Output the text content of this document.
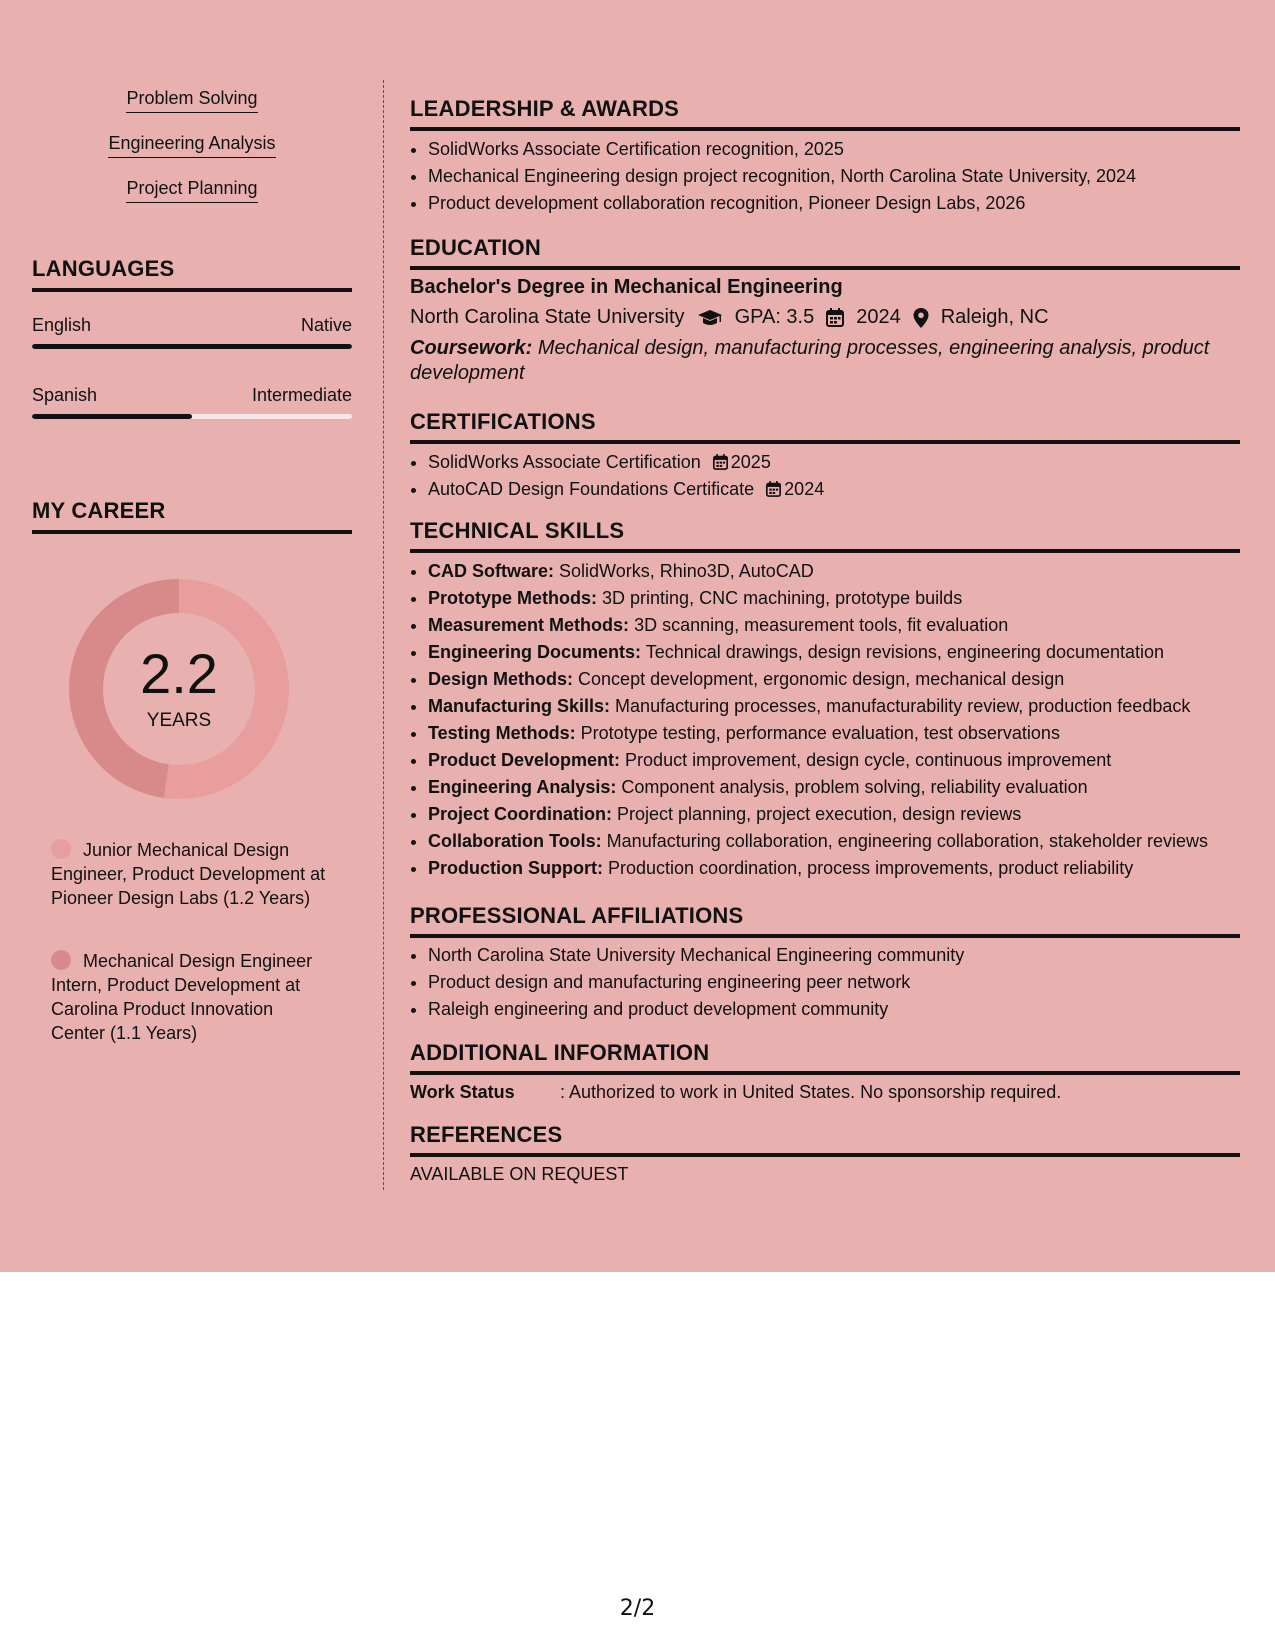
Problem Solving
Engineering Analysis
Project Planning
LANGUAGES
English	Native
Spanish	Intermediate
MY CAREER
2.2
YEARS
Junior Mechanical Design Engineer, Product Development at Pioneer Design Labs (1.2 Years)
Mechanical Design Engineer Intern, Product Development at Carolina Product Innovation Center (1.1 Years)
LEADERSHIP & AWARDS
• SolidWorks Associate Certification recognition, 2025
• Mechanical Engineering design project recognition, North Carolina State University, 2024
• Product development collaboration recognition, Pioneer Design Labs, 2026
EDUCATION
Bachelor's Degree in Mechanical Engineering
North Carolina State University	GPA: 3.5 2024 Raleigh, NC
Coursework: Mechanical design, manufacturing processes, engineering analysis, product development
CERTIFICATIONS
• SolidWorks Associate Certification 2025
• AutoCAD Design Foundations Certificate 2024
TECHNICAL SKILLS
• CAD Software: SolidWorks, Rhino3D, AutoCAD
• Prototype Methods: 3D printing, CNC machining, prototype builds
• Measurement Methods: 3D scanning, measurement tools, fit evaluation
• Engineering Documents: Technical drawings, design revisions, engineering documentation
• Design Methods: Concept development, ergonomic design, mechanical design
• Manufacturing Skills: Manufacturing processes, manufacturability review, production feedback
• Testing Methods: Prototype testing, performance evaluation, test observations
• Product Development: Product improvement, design cycle, continuous improvement
• Engineering Analysis: Component analysis, problem solving, reliability evaluation
• Project Coordination: Project planning, project execution, design reviews
• Collaboration Tools: Manufacturing collaboration, engineering collaboration, stakeholder reviews
• Production Support: Production coordination, process improvements, product reliability
PROFESSIONAL AFFILIATIONS
• North Carolina State University Mechanical Engineering community
• Product design and manufacturing engineering peer network
• Raleigh engineering and product development community
ADDITIONAL INFORMATION
Work Status	: Authorized to work in United States. No sponsorship required.
REFERENCES
AVAILABLE ON REQUEST
2/2
